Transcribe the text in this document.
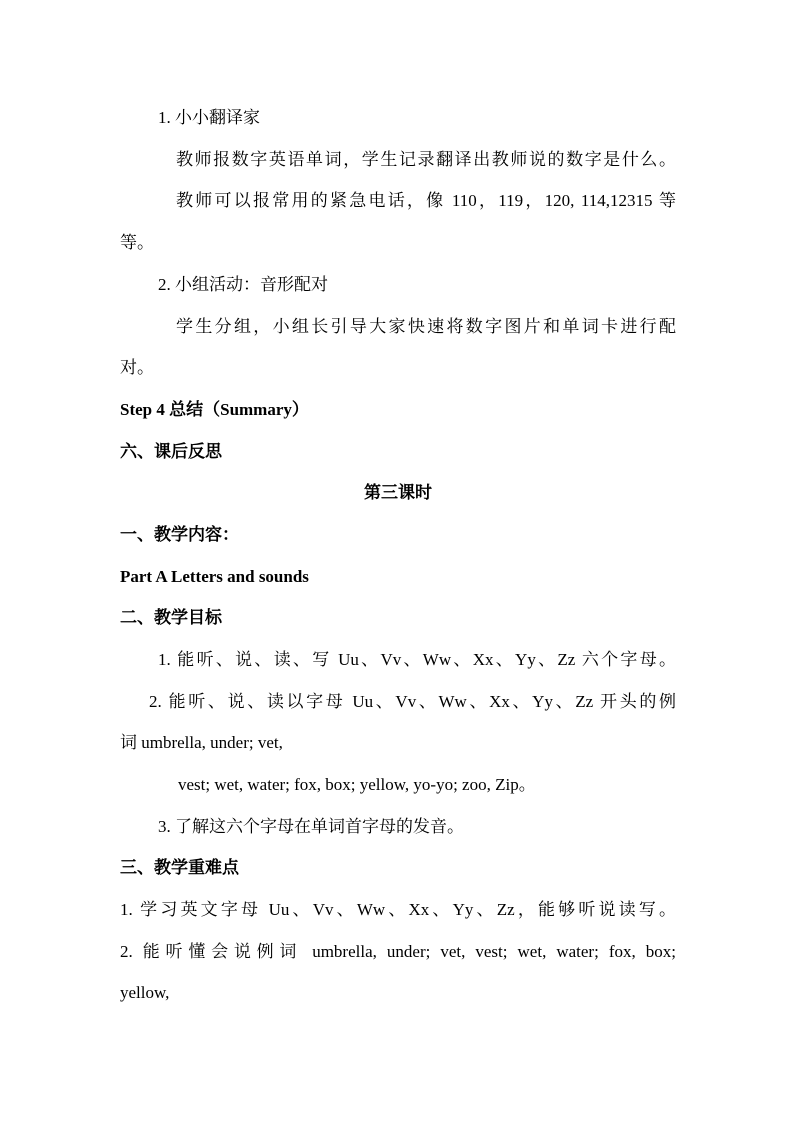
1. 小小翻译家
教师报数字英语单词，学生记录翻译出教师说的数字是什么。
教师可以报常用的紧急电话，像 110，119，120, 114,12315 等
等。
2. 小组活动：音形配对
学生分组，小组长引导大家快速将数字图片和单词卡进行配
对。
Step 4 总结（Summary）
六、课后反思
第三课时
一、教学内容：
Part A Letters and sounds
二、教学目标
1. 能听、说、读、写 Uu、Vv、Ww、Xx、Yy、Zz 六个字母。
2. 能听、说、读以字母 Uu、Vv、Ww、Xx、Yy、Zz 开头的例
词 umbrella, under; vet,
vest; wet, water; fox, box; yellow, yo-yo; zoo, Zip。
3. 了解这六个字母在单词首字母的发音。
三、教学重难点
1. 学习英文字母 Uu、Vv、Ww、Xx、Yy、Zz，能够听说读写。
2. 能听懂会说例词 umbrella, under; vet, vest; wet, water; fox, box;
yellow,
